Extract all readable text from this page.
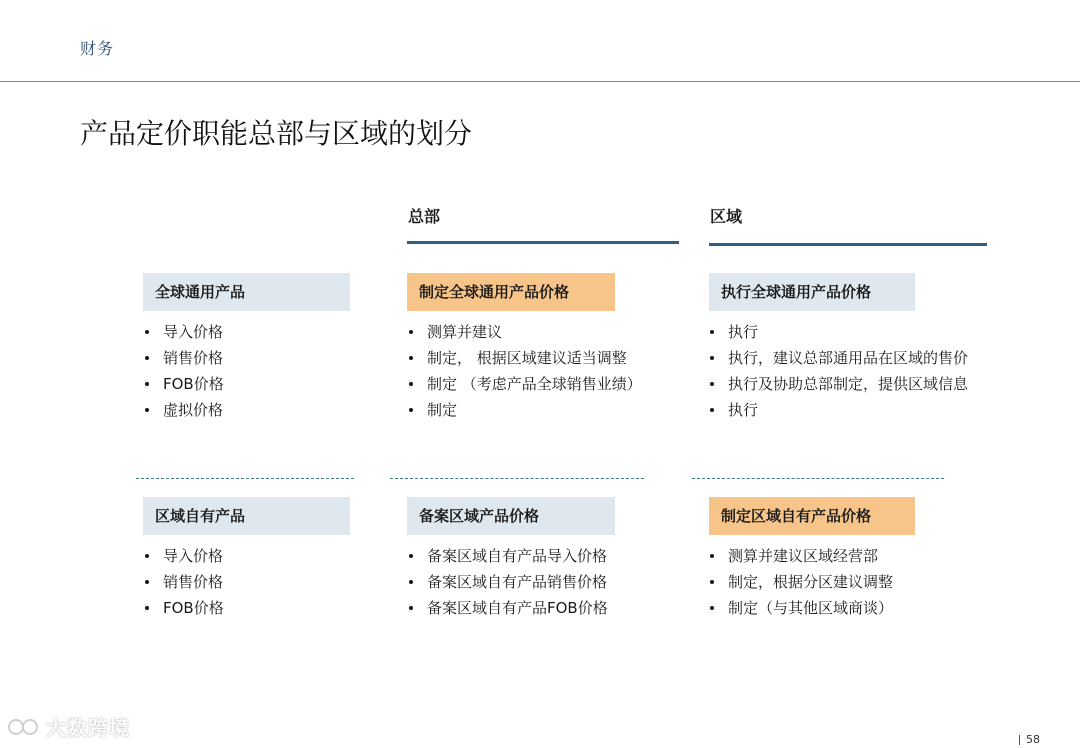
财务
产品定价职能总部与区域的划分
总部	区域
全球通用产品
导入价格
销售价格
FOB价格
虚拟价格
制定全球通用产品价格
测算并建议
制定， 根据区域建议适当调整
制定 （考虑产品全球销售业绩）
制定
执行全球通用产品价格
执行
执行，建议总部通用品在区域的售价
执行及协助总部制定，提供区域信息
执行
区域自有产品
导入价格
销售价格
FOB价格
备案区域产品价格
备案区域自有产品导入价格
备案区域自有产品销售价格
备案区域自有产品FOB价格
制定区域自有产品价格
测算并建议区域经营部
制定，根据分区建议调整
制定（与其他区域商谈）
大数跨境	58
